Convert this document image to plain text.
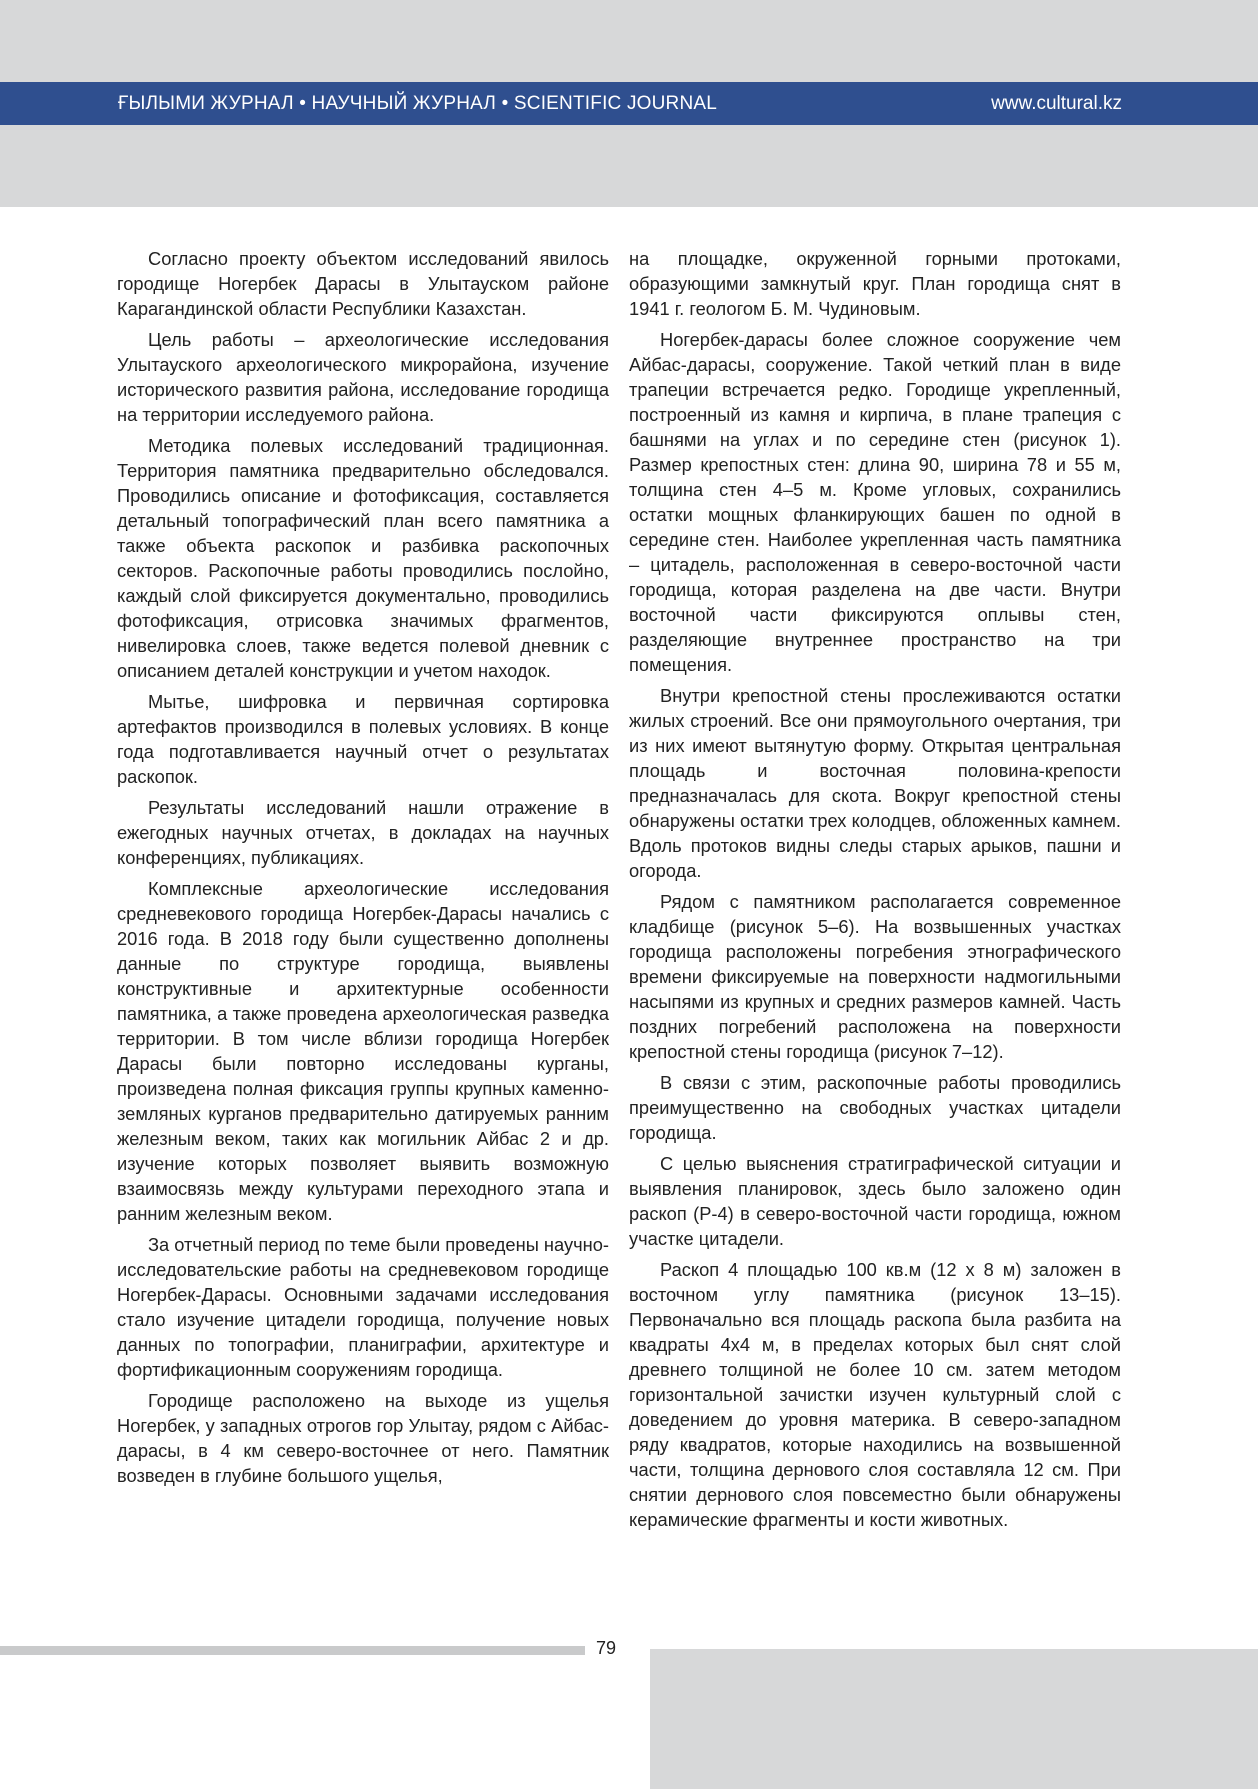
ҒЫЛЫМИ ЖУРНАЛ • НАУЧНЫЙ ЖУРНАЛ • SCIENTIFIC JOURNAL	www.cultural.kz

Согласно проекту объектом исследований явилось городище Ногербек Дарасы в Улытауском районе Карагандинской области Республики Казахстан.

Цель работы – археологические исследования Улытауского археологического микрорайона, изучение исторического развития района, исследование городища на территории исследуемого района.

Методика полевых исследований традиционная. Территория памятника предварительно обследовался. Проводились описание и фотофиксация, составляется детальный топографический план всего памятника а также объекта раскопок и разбивка раскопочных секторов. Раскопочные работы проводились послойно, каждый слой фиксируется документально, проводились фотофиксация, отрисовка значимых фрагментов, нивелировка слоев, также ведется полевой дневник с описанием деталей конструкции и учетом находок.

Мытье, шифровка и первичная сортировка артефактов производился в полевых условиях. В конце года подготавливается научный отчет о результатах раскопок.

Результаты исследований нашли отражение в ежегодных научных отчетах, в докладах на научных конференциях, публикациях.

Комплексные археологические исследования средневекового городища Ногербек-Дарасы начались с 2016 года. В 2018 году были существенно дополнены данные по структуре городища, выявлены конструктивные и архитектурные особенности памятника, а также проведена археологическая разведка территории. В том числе вблизи городища Ногербек Дарасы были повторно исследованы курганы, произведена полная фиксация группы крупных каменно-земляных курганов предварительно датируемых ранним железным веком, таких как могильник Айбас 2 и др. изучение которых позволяет выявить возможную взаимосвязь между культурами переходного этапа и ранним железным веком.

За отчетный период по теме были проведены научно-исследовательские работы на средневековом городище Ногербек-Дарасы. Основными задачами исследования стало изучение цитадели городища, получение новых данных по топографии, планиграфии, архитектуре и фортификационным сооружениям городища.

Городище расположено на выходе из ущелья Ногербек, у западных отрогов гор Улытау, рядом с Айбас-дарасы, в 4 км северо-восточнее от него. Памятник возведен в глубине большого ущелья,

на площадке, окруженной горными протоками, образующими замкнутый круг. План городища снят в 1941 г. геологом Б. М. Чудиновым.

Ногербек-дарасы более сложное сооружение чем Айбас-дарасы, сооружение. Такой четкий план в виде трапеции встречается редко. Городище укрепленный, построенный из камня и кирпича, в плане трапеция с башнями на углах и по середине стен (рисунок 1). Размер крепостных стен: длина 90, ширина 78 и 55 м, толщина стен 4–5 м. Кроме угловых, сохранились остатки мощных фланкирующих башен по одной в середине стен. Наиболее укрепленная часть памятника – цитадель, расположенная в северо-восточной части городища, которая разделена на две части. Внутри восточной части фиксируются оплывы стен, разделяющие внутреннее пространство на три помещения.

Внутри крепостной стены прослеживаются остатки жилых строений. Все они прямоугольного очертания, три из них имеют вытянутую форму. Открытая центральная площадь и восточная половина-крепости предназначалась для скота. Вокруг крепостной стены обнаружены остатки трех колодцев, обложенных камнем. Вдоль протоков видны следы старых арыков, пашни и огорода.

Рядом с памятником располагается современное кладбище (рисунок 5–6). На возвышенных участках городища расположены погребения этнографического времени фиксируемые на поверхности надмогильными насыпями из крупных и средних размеров камней. Часть поздних погребений расположена на поверхности крепостной стены городища (рисунок 7–12).

В связи с этим, раскопочные работы проводились преимущественно на свободных участках цитадели городища.

С целью выяснения стратиграфической ситуации и выявления планировок, здесь было заложено один раскоп (Р-4) в северо-восточной части городища, южном участке цитадели.

Раскоп 4 площадью 100 кв.м (12 х 8 м) заложен в восточном углу памятника (рисунок 13–15). Первоначально вся площадь раскопа была разбита на квадраты 4х4 м, в пределах которых был снят слой древнего толщиной не более 10 см. затем методом горизонтальной зачистки изучен культурный слой с доведением до уровня материка. В северо-западном ряду квадратов, которые находились на возвышенной части, толщина дернового слоя составляла 12 см. При снятии дернового слоя повсеместно были обнаружены керамические фрагменты и кости животных.

79
